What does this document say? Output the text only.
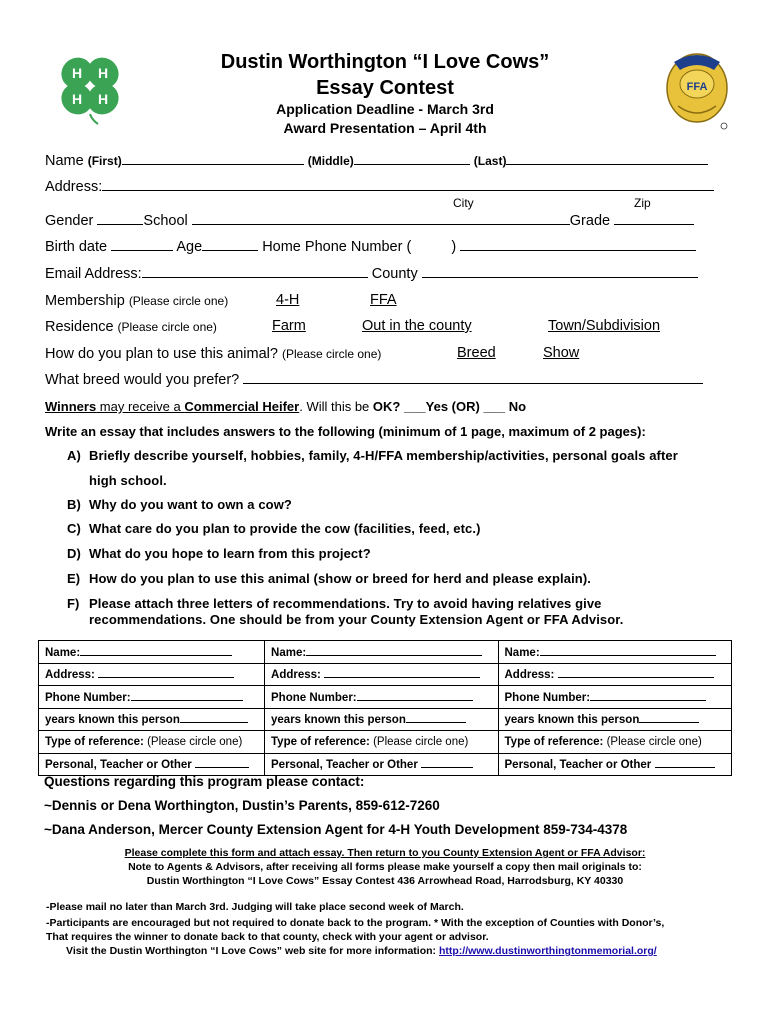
H H
H H
FFA
Dustin Worthington “I Love Cows”
Essay Contest
Application Deadline - March 3rd
Award Presentation – April 4th
Name (First)	(Middle)	(Last)
Address:
City	Zip
Gender	School	Grade
Birth date	Age	Home Phone Number (	)
Email Address:	County
Membership (Please circle one)	4-H	FFA
Residence (Please circle one)	Farm	Out in the county	Town/Subdivision
How do you plan to use this animal? (Please circle one)	Breed	Show
What breed would you prefer?
Winners may receive a Commercial Heifer. Will this be OK? ___Yes (OR) ___ No
Write an essay that includes answers to the following (minimum of 1 page, maximum of 2 pages):
A) Briefly describe yourself, hobbies, family, 4-H/FFA membership/activities, personal goals after
high school.
B) Why do you want to own a cow?
C) What care do you plan to provide the cow (facilities, feed, etc.)
D) What do you hope to learn from this project?
E) How do you plan to use this animal (show or breed for herd and please explain).
F) Please attach three letters of recommendations. Try to avoid having relatives give
recommendations. One should be from your County Extension Agent or FFA Advisor.
Name:	Name:	Name:
Address:	Address:	Address:
Phone Number:	Phone Number:	Phone Number:
years known this person	years known this person	years known this person
Type of reference: (Please circle one)	Type of reference: (Please circle one)	Type of reference: (Please circle one)
Personal, Teacher or Other	Personal, Teacher or Other	Personal, Teacher or Other
Questions regarding this program please contact:
~Dennis or Dena Worthington, Dustin’s Parents, 859-612-7260
~Dana Anderson, Mercer County Extension Agent for 4-H Youth Development 859-734-4378
Please complete this form and attach essay. Then return to you County Extension Agent or FFA Advisor:
Note to Agents & Advisors, after receiving all forms please make yourself a copy then mail originals to:
Dustin Worthington “I Love Cows” Essay Contest 436 Arrowhead Road, Harrodsburg, KY 40330
-Please mail no later than March 3rd. Judging will take place second week of March.
-Participants are encouraged but not required to donate back to the program. * With the exception of Counties with Donor’s,
That requires the winner to donate back to that county, check with your agent or advisor.
Visit the Dustin Worthington “I Love Cows” web site for more information: http://www.dustinworthingtonmemorial.org/
